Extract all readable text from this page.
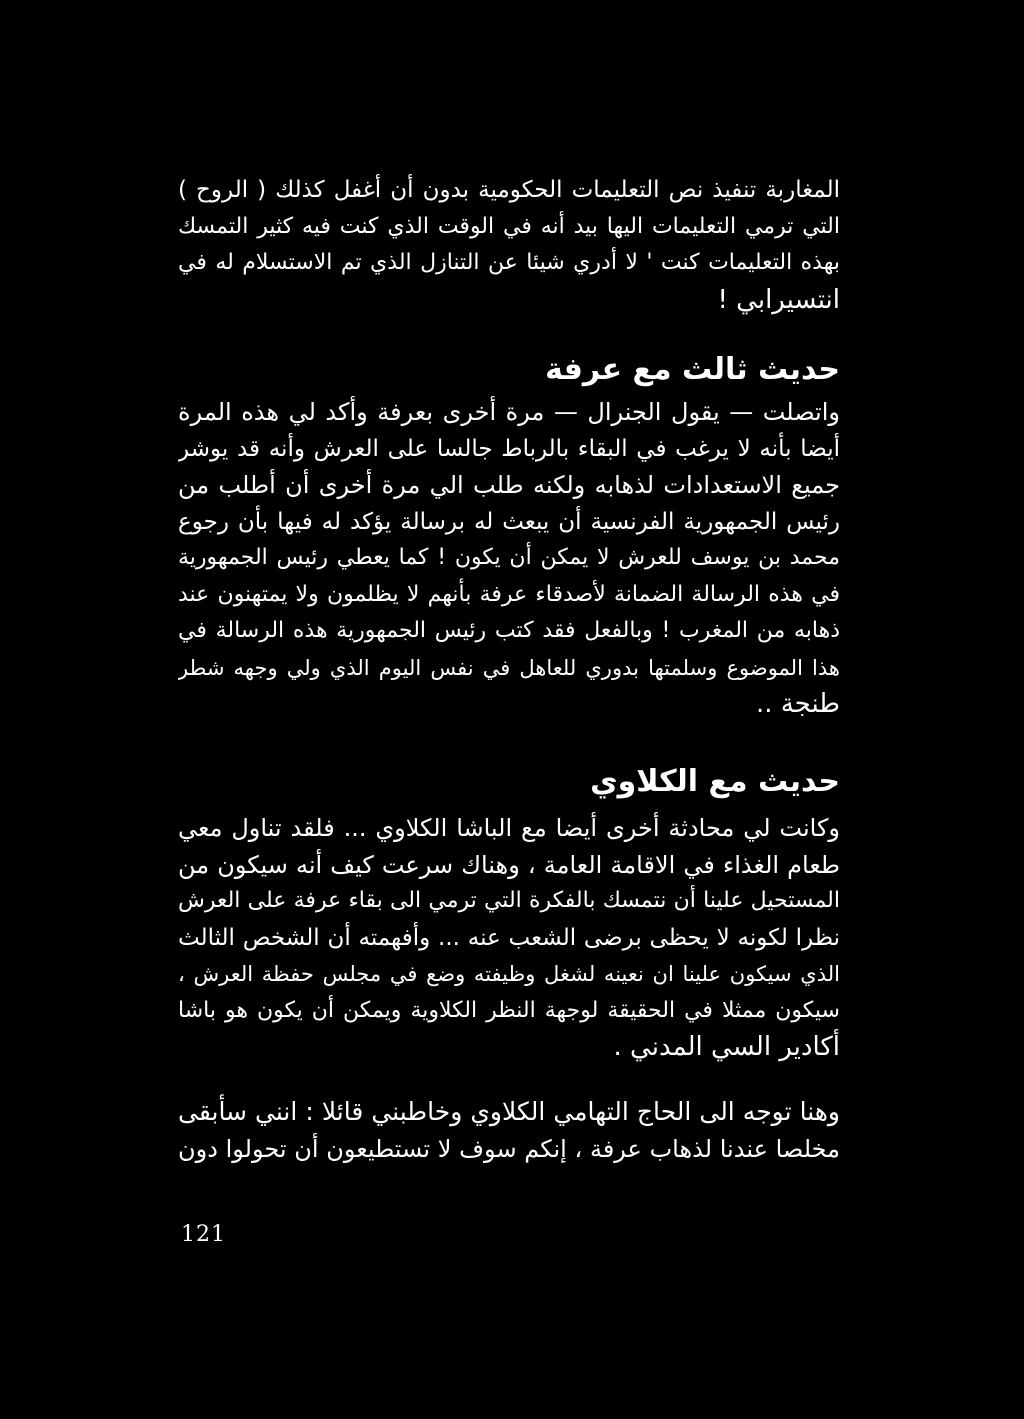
المغاربة تنفيذ نص التعليمات الحكومية بدون أن أغفل كذلك ( الروح )
التي ترمي التعليمات اليها بيد أنه في الوقت الذي كنت فيه كثير التمسك
بهذه التعليمات كنت ' لا أدري شيئا عن التنازل الذي تم الاستسلام له في
انتسيرابي !
حديث ثالث مع عرفة
واتصلت — يقول الجنرال — مرة أخرى بعرفة وأكد لي هذه المرة
أيضا بأنه لا يرغب في البقاء بالرباط جالسا على العرش وأنه قد يوشر
جميع الاستعدادات لذهابه ولكنه طلب الي مرة أخرى أن أطلب من
رئيس الجمهورية الفرنسية أن يبعث له برسالة يؤكد له فيها بأن رجوع
محمد بن يوسف للعرش لا يمكن أن يكون ! كما يعطي رئيس الجمهورية
في هذه الرسالة الضمانة لأصدقاء عرفة بأنهم لا يظلمون ولا يمتهنون عند
ذهابه من المغرب ! وبالفعل فقد كتب رئيس الجمهورية هذه الرسالة في
هذا الموضوع وسلمتها بدوري للعاهل في نفس اليوم الذي ولي وجهه شطر
طنجة ..
حديث مع الكلاوي
وكانت لي محادثة أخرى أيضا مع الباشا الكلاوي ... فلقد تناول معي
طعام الغذاء في الاقامة العامة ، وهناك سرعت كيف أنه سيكون من
المستحيل علينا أن نتمسك بالفكرة التي ترمي الى بقاء عرفة على العرش
نظرا لكونه لا يحظى برضى الشعب عنه ... وأفهمته أن الشخص الثالث
الذي سيكون علينا ان نعينه لشغل وظيفته وضع في مجلس حفظة العرش ،
سيكون ممثلا في الحقيقة لوجهة النظر الكلاوية ويمكن أن يكون هو باشا
أكادير السي المدني .
وهنا توجه الى الحاج التهامي الكلاوي وخاطبني قائلا : انني سأبقى
مخلصا عندنا لذهاب عرفة ، إنكم سوف لا تستطيعون أن تحولوا دون
121
